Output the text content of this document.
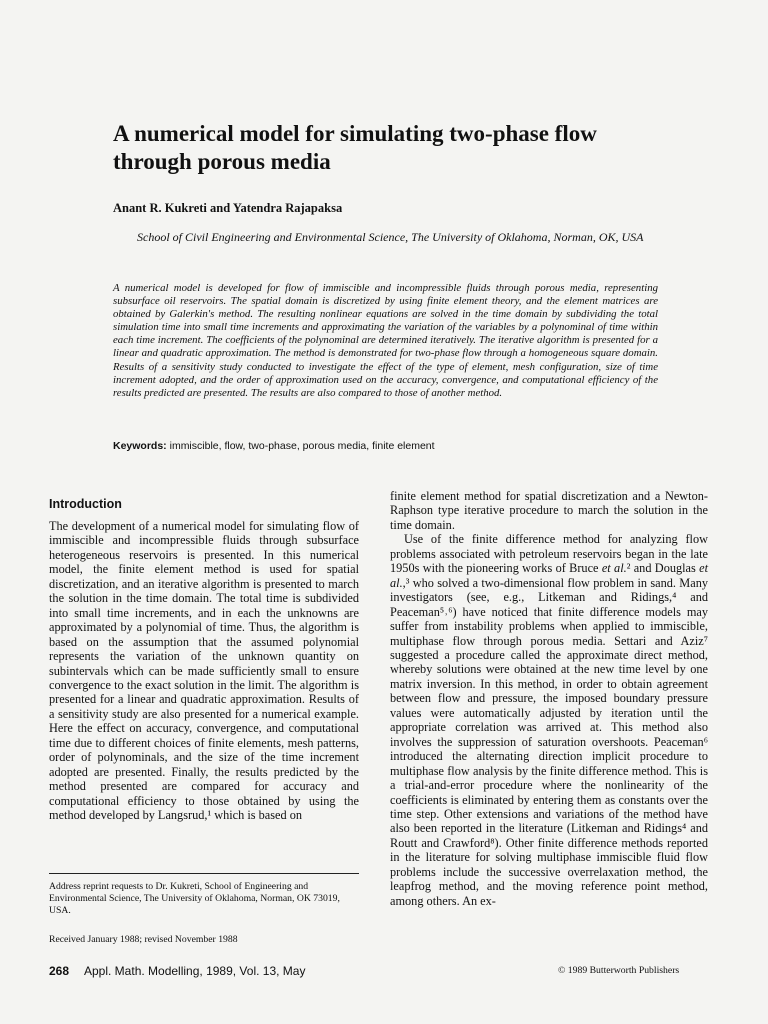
A numerical model for simulating two-phase flow through porous media
Anant R. Kukreti and Yatendra Rajapaksa
School of Civil Engineering and Environmental Science, The University of Oklahoma, Norman, OK, USA
A numerical model is developed for flow of immiscible and incompressible fluids through porous media, representing subsurface oil reservoirs. The spatial domain is discretized by using finite element theory, and the element matrices are obtained by Galerkin's method. The resulting nonlinear equations are solved in the time domain by subdividing the total simulation time into small time increments and approximating the variation of the variables by a polynominal of time within each time increment. The coefficients of the polynominal are determined iteratively. The iterative algorithm is presented for a linear and quadratic approximation. The method is demonstrated for two-phase flow through a homogeneous square domain. Results of a sensitivity study conducted to investigate the effect of the type of element, mesh configuration, size of time increment adopted, and the order of approximation used on the accuracy, convergence, and computational efficiency of the results predicted are presented. The results are also compared to those of another method.
Keywords: immiscible, flow, two-phase, porous media, finite element
Introduction

The development of a numerical model for simulating flow of immiscible and incompressible fluids through subsurface heterogeneous reservoirs is presented. In this numerical model, the finite element method is used for spatial discretization, and an iterative algorithm is presented to march the solution in the time domain. The total time is subdivided into small time increments, and in each the unknowns are approximated by a polynomial of time. Thus, the algorithm is based on the assumption that the assumed polynomial represents the variation of the unknown quantity on subintervals which can be made sufficiently small to ensure convergence to the exact solution in the limit. The algorithm is presented for a linear and quadratic approximation. Results of a sensitivity study are also presented for a numerical example. Here the effect on accuracy, convergence, and computational time due to different choices of finite elements, mesh patterns, order of polynominals, and the size of the time increment adopted are presented. Finally, the results predicted by the method presented are compared for accuracy and computational efficiency to those obtained by using the method developed by Langsrud,¹ which is based on

finite element method for spatial discretization and a Newton-Raphson type iterative procedure to march the solution in the time domain.

Use of the finite difference method for analyzing flow problems associated with petroleum reservoirs began in the late 1950s with the pioneering works of Bruce et al.² and Douglas et al.,³ who solved a two-dimensional flow problem in sand. Many investigators (see, e.g., Litkeman and Ridings,⁴ and Peaceman⁵˒⁶) have noticed that finite difference models may suffer from instability problems when applied to immiscible, multiphase flow through porous media. Settari and Aziz⁷ suggested a procedure called the approximate direct method, whereby solutions were obtained at the new time level by one matrix inversion. In this method, in order to obtain agreement between flow and pressure, the imposed boundary pressure values were automatically adjusted by iteration until the appropriate correlation was arrived at. This method also involves the suppression of saturation overshoots. Peaceman⁶ introduced the alternating direction implicit procedure to multiphase flow analysis by the finite difference method. This is a trial-and-error procedure where the nonlinearity of the coefficients is eliminated by entering them as constants over the time step. Other extensions and variations of the method have also been reported in the literature (Litkeman and Ridings⁴ and Routt and Crawford⁸). Other finite difference methods reported in the literature for solving multiphase immiscible fluid flow problems include the successive overrelaxation method, the leapfrog method, and the moving reference point method, among others. An ex-

Address reprint requests to Dr. Kukreti, School of Engineering and Environmental Science, The University of Oklahoma, Norman, OK 73019, USA.
Received January 1988; revised November 1988
268 Appl. Math. Modelling, 1989, Vol. 13, May	© 1989 Butterworth Publishers
